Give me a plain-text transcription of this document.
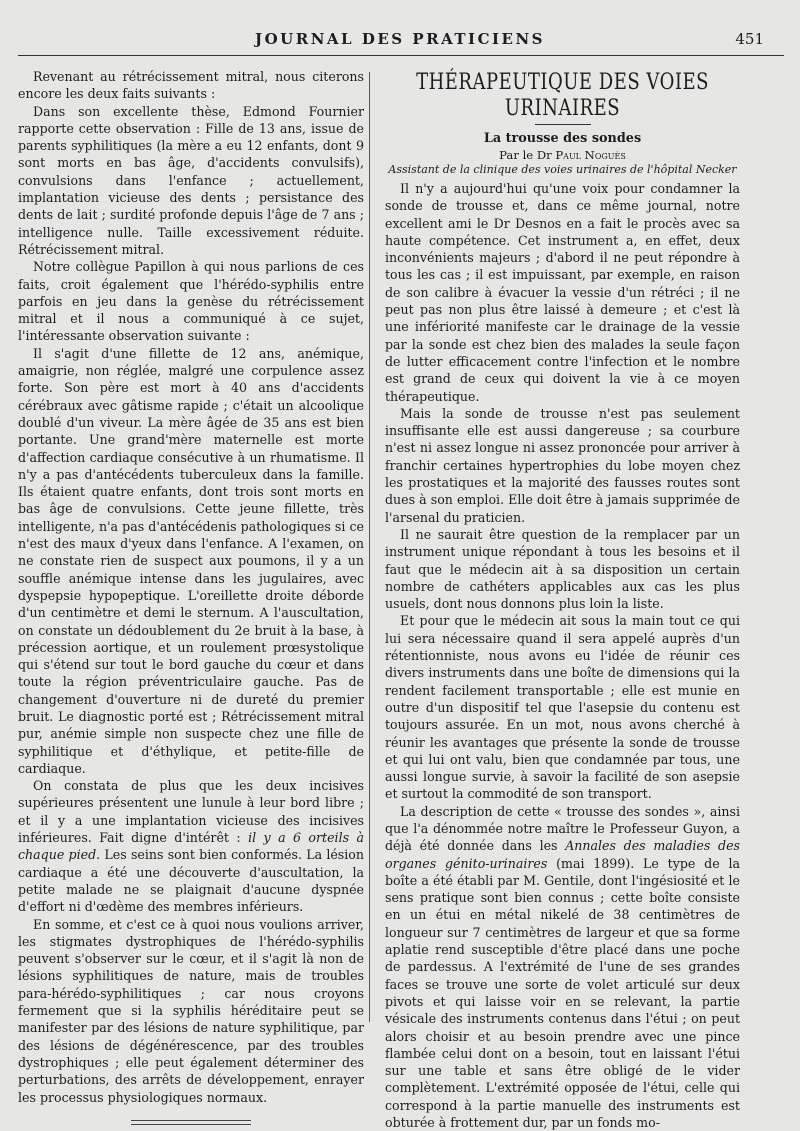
JOURNAL DES PRATICIENS	451

Revenant au rétrécissement mitral, nous citerons encore les deux faits suivants :

Dans son excellente thèse, Edmond Fournier rapporte cette observation : Fille de 13 ans, issue de parents syphilitiques (la mère a eu 12 enfants, dont 9 sont morts en bas âge, d'accidents convulsifs), convulsions dans l'enfance ; actuellement, implantation vicieuse des dents ; persistance des dents de lait ; surdité profonde depuis l'âge de 7 ans ; intelligence nulle. Taille excessivement réduite. Rétrécissement mitral.

Notre collègue Papillon à qui nous parlions de ces faits, croit également que l'hérédo-syphilis entre parfois en jeu dans la genèse du rétrécissement mitral et il nous a communiqué à ce sujet, l'intéressante observation suivante :

Il s'agit d'une fillette de 12 ans, anémique, amaigrie, non réglée, malgré une corpulence assez forte. Son père est mort à 40 ans d'accidents cérébraux avec gâtisme rapide ; c'était un alcoolique doublé d'un viveur. La mère âgée de 35 ans est bien portante. Une grand'mère maternelle est morte d'affection cardiaque consécutive à un rhumatisme. Il n'y a pas d'antécédents tuberculeux dans la famille. Ils étaient quatre enfants, dont trois sont morts en bas âge de convulsions. Cette jeune fillette, très intelligente, n'a pas d'antécédenis pathologiques si ce n'est des maux d'yeux dans l'enfance. A l'examen, on ne constate rien de suspect aux poumons, il y a un souffle anémique intense dans les jugulaires, avec dyspepsie hypopeptique. L'oreillette droite déborde d'un centimètre et demi le sternum. A l'auscultation, on constate un dédoublement du 2e bruit à la base, à précession aortique, et un roulement prœsystolique qui s'étend sur tout le bord gauche du cœur et dans toute la région préventriculaire gauche. Pas de changement d'ouverture ni de dureté du premier bruit. Le diagnostic porté est ; Rétrécissement mitral pur, anémie simple non suspecte chez une fille de syphilitique et d'éthylique, et petite-fille de cardiaque.

On constata de plus que les deux incisives supérieures présentent une lunule à leur bord libre ; et il y a une implantation vicieuse des incisives inférieures. Fait digne d'intérêt : il y a 6 orteils à chaque pied. Les seins sont bien conformés. La lésion cardiaque a été une découverte d'auscultation, la petite malade ne se plaignait d'aucune dyspnée d'effort ni d'œdème des membres inférieurs.

En somme, et c'est ce à quoi nous voulions arriver, les stigmates dystrophiques de l'hérédo-syphilis peuvent s'observer sur le cœur, et il s'agit là non de lésions syphilitiques de nature, mais de troubles para-hérédo-syphilitiques ; car nous croyons fermement que si la syphilis héréditaire peut se manifester par des lésions de nature syphilitique, par des lésions de dégénérescence, par des troubles dystrophiques ; elle peut également déterminer des perturbations, des arrêts de développement, enrayer les processus physiologiques normaux.

THÉRAPEUTIQUE DES VOIES URINAIRES
La trousse des sondes
Par le Dr Paul Noguès
Assistant de la clinique des voies urinaires de l'hôpital Necker

Il n'y a aujourd'hui qu'une voix pour condamner la sonde de trousse et, dans ce même journal, notre excellent ami le Dr Desnos en a fait le procès avec sa haute compétence. Cet instrument a, en effet, deux inconvénients majeurs ; d'abord il ne peut répondre à tous les cas ; il est impuissant, par exemple, en raison de son calibre à évacuer la vessie d'un rétréci ; il ne peut pas non plus être laissé à demeure ; et c'est là une infériorité manifeste car le drainage de la vessie par la sonde est chez bien des malades la seule façon de lutter efficacement contre l'infection et le nombre est grand de ceux qui doivent la vie à ce moyen thérapeutique.

Mais la sonde de trousse n'est pas seulement insuffisante elle est aussi dangereuse ; sa courbure n'est ni assez longue ni assez prononcée pour arriver à franchir certaines hypertrophies du lobe moyen chez les prostatiques et la majorité des fausses routes sont dues à son emploi. Elle doit être à jamais supprimée de l'arsenal du praticien.

Il ne saurait être question de la remplacer par un instrument unique répondant à tous les besoins et il faut que le médecin ait à sa disposition un certain nombre de cathéters applicables aux cas les plus usuels, dont nous donnons plus loin la liste.

Et pour que le médecin ait sous la main tout ce qui lui sera nécessaire quand il sera appelé auprès d'un rétentionniste, nous avons eu l'idée de réunir ces divers instruments dans une boîte de dimensions qui la rendent facilement transportable ; elle est munie en outre d'un dispositif tel que l'asepsie du contenu est toujours assurée. En un mot, nous avons cherché à réunir les avantages que présente la sonde de trousse et qui lui ont valu, bien que condamnée par tous, une aussi longue survie, à savoir la facilité de son asepsie et surtout la commodité de son transport.

La description de cette « trousse des sondes », ainsi que l'a dénommée notre maître le Professeur Guyon, a déjà été donnée dans les Annales des maladies des organes génito-urinaires (mai 1899). Le type de la boîte a été établi par M. Gentile, dont l'ingésiosité et le sens pratique sont bien connus ; cette boîte consiste en un étui en métal nikelé de 38 centimètres de longueur sur 7 centimètres de largeur et que sa forme aplatie rend susceptible d'être placé dans une poche de pardessus. A l'extrémité de l'une de ses grandes faces se trouve une sorte de volet articulé sur deux pivots et qui laisse voir en se relevant, la partie vésicale des instruments contenus dans l'étui ; on peut alors choisir et au besoin prendre avec une pince flambée celui dont on a besoin, tout en laissant l'étui sur une table et sans être obligé de le vider complètement. L'extrémité opposée de l'étui, celle qui correspond à la partie manuelle des instruments est obturée à frottement dur, par un fonds mo-
